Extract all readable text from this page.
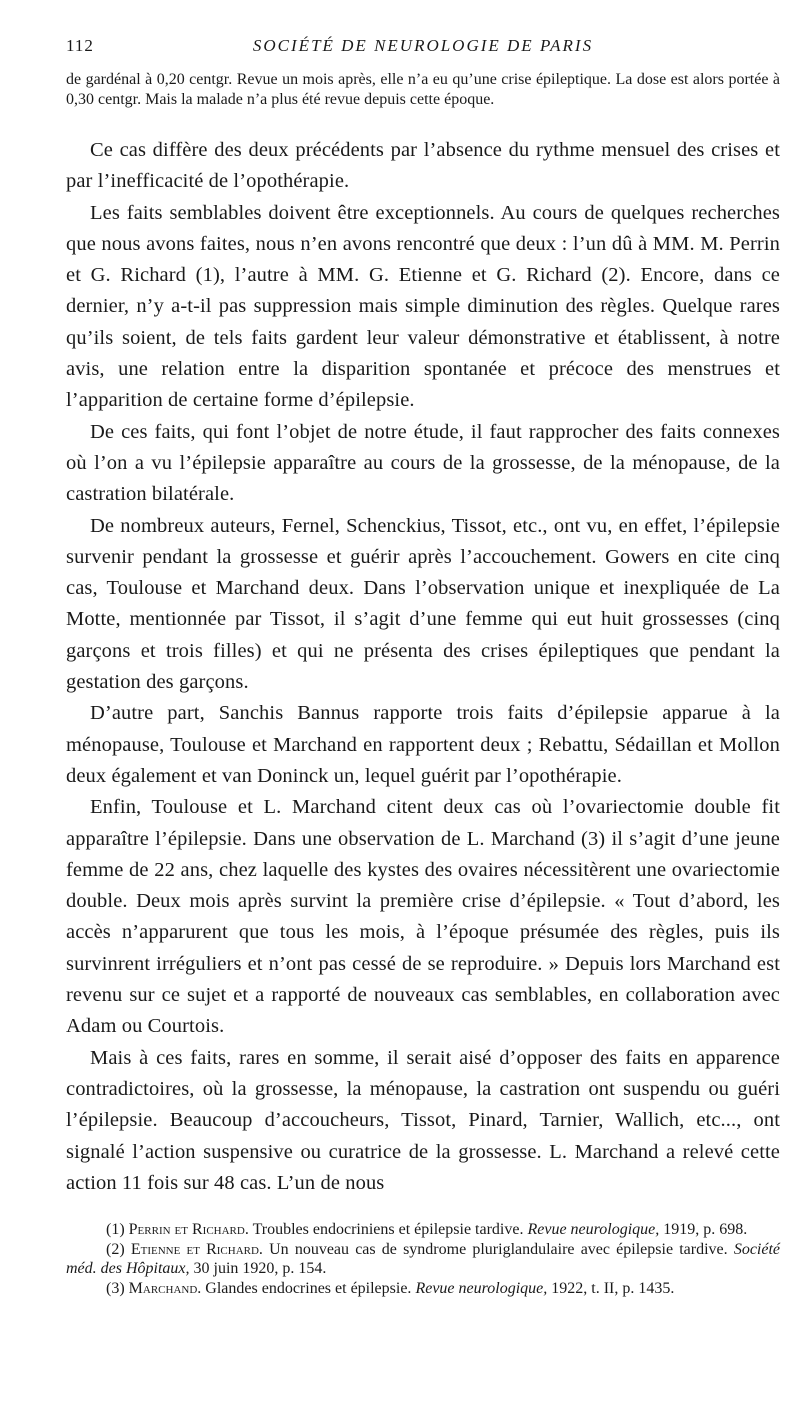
112	SOCIÉTÉ DE NEUROLOGIE DE PARIS

de gardénal à 0,20 centgr. Revue un mois après, elle n’a eu qu’une crise épileptique. La dose est alors portée à 0,30 centgr. Mais la malade n’a plus été revue depuis cette époque.

Ce cas diffère des deux précédents par l’absence du rythme mensuel des crises et par l’inefficacité de l’opothérapie.

Les faits semblables doivent être exceptionnels. Au cours de quelques recherches que nous avons faites, nous n’en avons rencontré que deux : l’un dû à MM. M. Perrin et G. Richard (1), l’autre à MM. G. Etienne et G. Richard (2). Encore, dans ce dernier, n’y a-t-il pas suppression mais simple diminution des règles. Quelque rares qu’ils soient, de tels faits gardent leur valeur démonstrative et établissent, à notre avis, une relation entre la disparition spontanée et précoce des menstrues et l’apparition de certaine forme d’épilepsie.

De ces faits, qui font l’objet de notre étude, il faut rapprocher des faits connexes où l’on a vu l’épilepsie apparaître au cours de la grossesse, de la ménopause, de la castration bilatérale.

De nombreux auteurs, Fernel, Schenckius, Tissot, etc., ont vu, en effet, l’épilepsie survenir pendant la grossesse et guérir après l’accouchement. Gowers en cite cinq cas, Toulouse et Marchand deux. Dans l’observation unique et inexpliquée de La Motte, mentionnée par Tissot, il s’agit d’une femme qui eut huit grossesses (cinq garçons et trois filles) et qui ne présenta des crises épileptiques que pendant la gestation des garçons.

D’autre part, Sanchis Bannus rapporte trois faits d’épilepsie apparue à la ménopause, Toulouse et Marchand en rapportent deux ; Rebattu, Sédaillan et Mollon deux également et van Doninck un, lequel guérit par l’opothérapie.

Enfin, Toulouse et L. Marchand citent deux cas où l’ovariectomie double fit apparaître l’épilepsie. Dans une observation de L. Marchand (3) il s’agit d’une jeune femme de 22 ans, chez laquelle des kystes des ovaires nécessitèrent une ovariectomie double. Deux mois après survint la première crise d’épilepsie. « Tout d’abord, les accès n’apparurent que tous les mois, à l’époque présumée des règles, puis ils survinrent irréguliers et n’ont pas cessé de se reproduire. » Depuis lors Marchand est revenu sur ce sujet et a rapporté de nouveaux cas semblables, en collaboration avec Adam ou Courtois.

Mais à ces faits, rares en somme, il serait aisé d’opposer des faits en apparence contradictoires, où la grossesse, la ménopause, la castration ont suspendu ou guéri l’épilepsie. Beaucoup d’accoucheurs, Tissot, Pinard, Tarnier, Wallich, etc..., ont signalé l’action suspensive ou curatrice de la grossesse. L. Marchand a relevé cette action 11 fois sur 48 cas. L’un de nous

(1) Perrin et Richard. Troubles endocriniens et épilepsie tardive. Revue neurologique, 1919, p. 698.

(2) Etienne et Richard. Un nouveau cas de syndrome pluriglandulaire avec épilepsie tardive. Société méd. des Hôpitaux, 30 juin 1920, p. 154.

(3) Marchand. Glandes endocrines et épilepsie. Revue neurologique, 1922, t. II, p. 1435.
